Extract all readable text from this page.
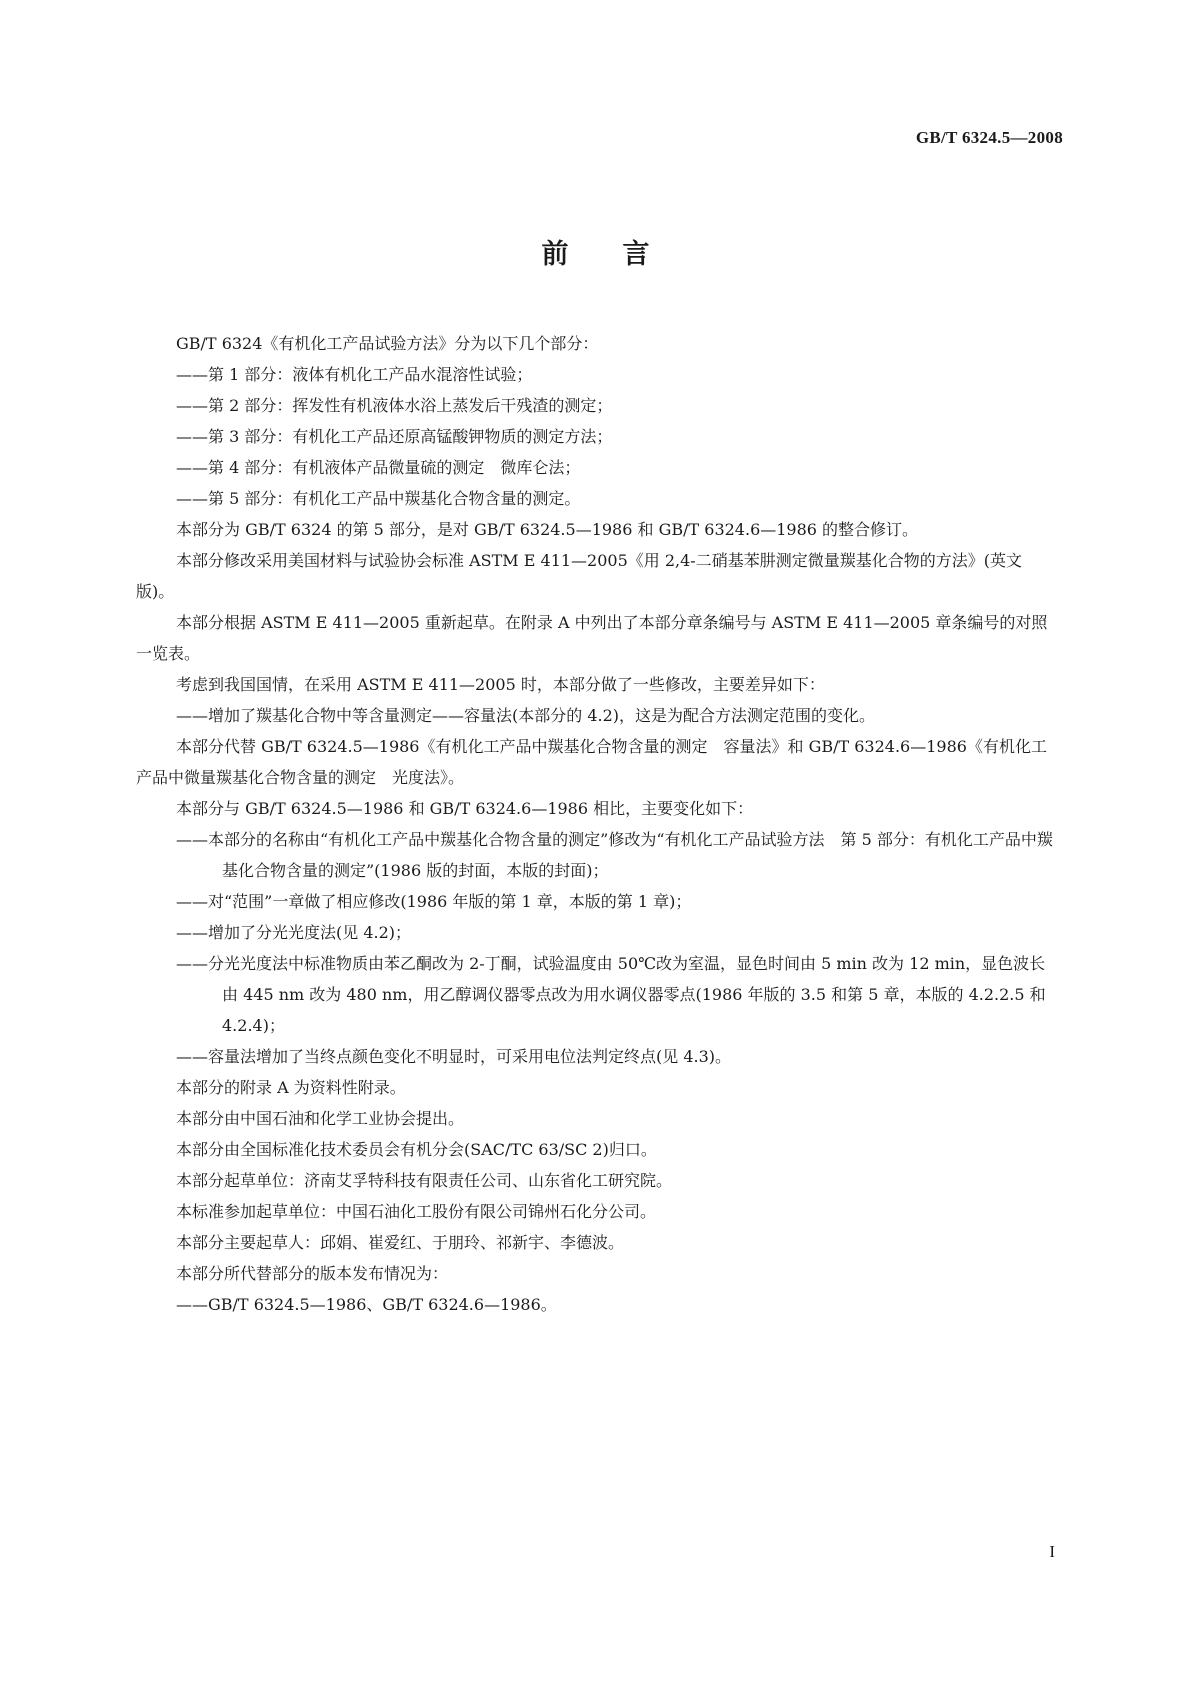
GB/T 6324.5—2008
前言

GB/T 6324《有机化工产品试验方法》分为以下几个部分：

——第 1 部分：液体有机化工产品水混溶性试验；

——第 2 部分：挥发性有机液体水浴上蒸发后干残渣的测定；

——第 3 部分：有机化工产品还原高锰酸钾物质的测定方法；

——第 4 部分：有机液体产品微量硫的测定　微库仑法；

——第 5 部分：有机化工产品中羰基化合物含量的测定。

本部分为 GB/T 6324 的第 5 部分，是对 GB/T 6324.5—1986 和 GB/T 6324.6—1986 的整合修订。

本部分修改采用美国材料与试验协会标准 ASTM E 411—2005《用 2,4-二硝基苯肼测定微量羰基化合物的方法》(英文版)。

本部分根据 ASTM E 411—2005 重新起草。在附录 A 中列出了本部分章条编号与 ASTM E 411—2005 章条编号的对照一览表。

考虑到我国国情，在采用 ASTM E 411—2005 时，本部分做了一些修改，主要差异如下：

——增加了羰基化合物中等含量测定——容量法(本部分的 4.2)，这是为配合方法测定范围的变化。

本部分代替 GB/T 6324.5—1986《有机化工产品中羰基化合物含量的测定　容量法》和 GB/T 6324.6—1986《有机化工产品中微量羰基化合物含量的测定　光度法》。

本部分与 GB/T 6324.5—1986 和 GB/T 6324.6—1986 相比，主要变化如下：

——本部分的名称由“有机化工产品中羰基化合物含量的测定”修改为“有机化工产品试验方法　第 5 部分：有机化工产品中羰基化合物含量的测定”(1986 版的封面，本版的封面)；

——对“范围”一章做了相应修改(1986 年版的第 1 章，本版的第 1 章)；

——增加了分光光度法(见 4.2)；

——分光光度法中标准物质由苯乙酮改为 2-丁酮，试验温度由 50℃改为室温，显色时间由 5 min 改为 12 min，显色波长由 445 nm 改为 480 nm，用乙醇调仪器零点改为用水调仪器零点(1986 年版的 3.5 和第 5 章，本版的 4.2.2.5 和 4.2.4)；

——容量法增加了当终点颜色变化不明显时，可采用电位法判定终点(见 4.3)。

本部分的附录 A 为资料性附录。

本部分由中国石油和化学工业协会提出。

本部分由全国标准化技术委员会有机分会(SAC/TC 63/SC 2)归口。

本部分起草单位：济南艾孚特科技有限责任公司、山东省化工研究院。

本标准参加起草单位：中国石油化工股份有限公司锦州石化分公司。

本部分主要起草人：邱娟、崔爱红、于朋玲、祁新宇、李德波。

本部分所代替部分的版本发布情况为：

——GB/T 6324.5—1986、GB/T 6324.6—1986。

I
